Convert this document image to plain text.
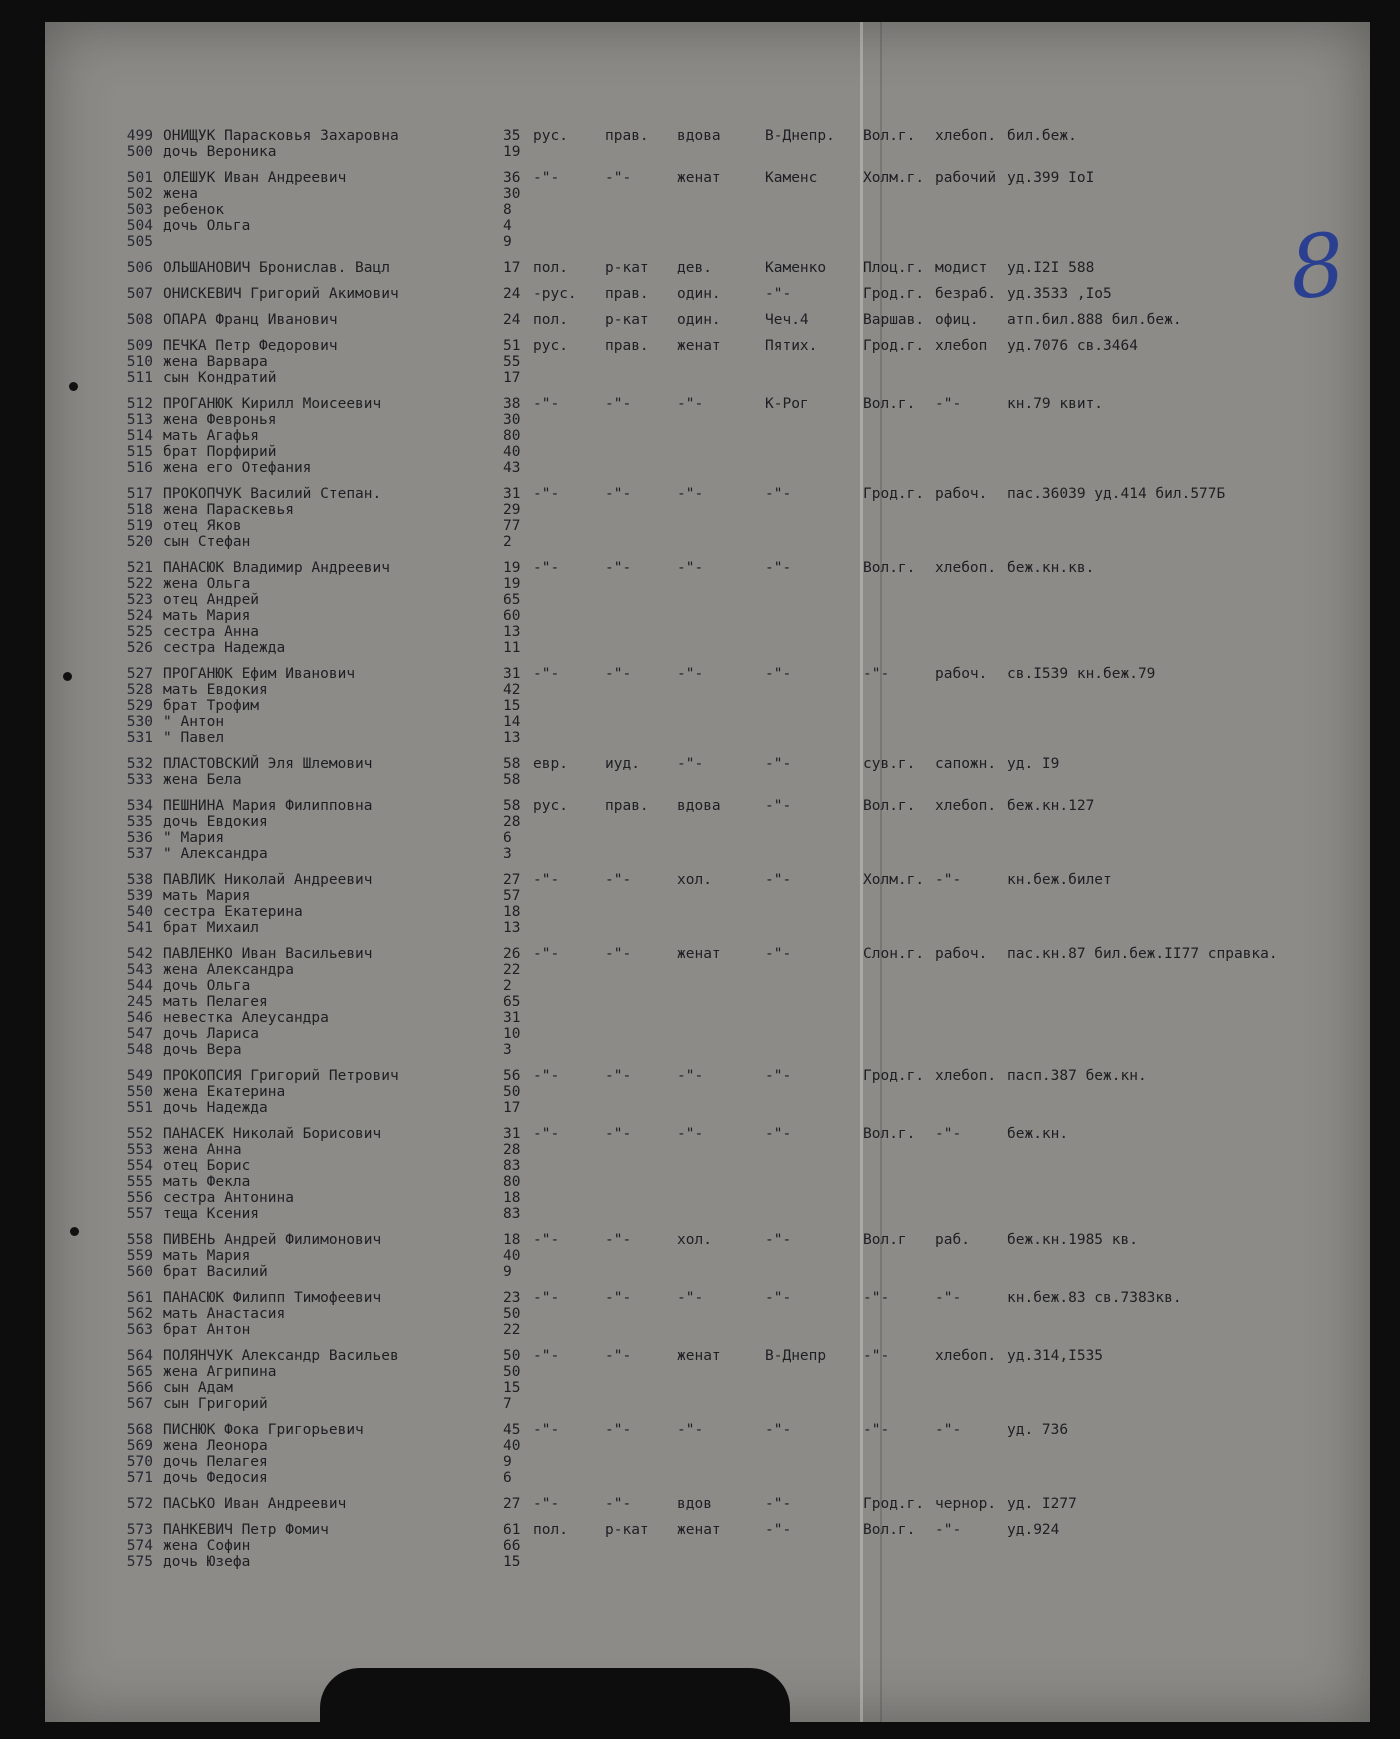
8
499	ОНИЩУК Парасковья Захаровна	35	рус.	прав.	вдова	В-Днепр.	Вол.г.	хлебоп.	бил.беж.
500	дочь Вероника	19							
501	ОЛЕШУК Иван Андреевич	36	-"-	-"-	женат	Каменс	Холм.г.	рабочий	уд.399 IоI
502	жена	30							
503	ребенок	8							
504	дочь Ольга	4							
505		9							
506	ОЛЬШАНОВИЧ Бронислав. Вацл	17	пол.	р-кат	дев.	Каменко	Плоц.г.	модист	уд.I2I 588
507	ОНИСКЕВИЧ Григорий Акимович	24	-рус.	прав.	один.	-"-	Грод.г.	безраб.	уд.3533 ,Iо5
508	ОПАРА Франц Иванович	24	пол.	р-кат	один.	Чеч.4	Варшав.	офиц.	атп.бил.888 бил.беж.
509	ПЕЧКА Петр Федорович	51	рус.	прав.	женат	Пятих.	Грод.г.	хлебоп	уд.7076 св.3464
510	жена Варвара	55							
511	сын Кондратий	17							
512	ПРОГАНЮК Кирилл Моисеевич	38	-"-	-"-	-"-	К-Рог	Вол.г.	-"-	кн.79 квит.
513	жена Февронья	30							
514	мать Агафья	80							
515	брат Порфирий	40							
516	жена его Отефания	43							
517	ПРОКОПЧУК Василий Степан.	31	-"-	-"-	-"-	-"-	Грод.г.	рабоч.	пас.36039 уд.414 бил.577Б
518	жена Параскевья	29							
519	отец Яков	77							
520	сын Стефан	2							
521	ПАНАСЮК Владимир Андреевич	19	-"-	-"-	-"-	-"-	Вол.г.	хлебоп.	беж.кн.кв.
522	жена Ольга	19							
523	отец Андрей	65							
524	мать Мария	60							
525	сестра Анна	13							
526	сестра Надежда	11							
527	ПРОГАНЮК Ефим Иванович	31	-"-	-"-	-"-	-"-	-"-	рабоч.	св.I539 кн.беж.79
528	мать Евдокия	42							
529	брат Трофим	15							
530	" Антон	14							
531	" Павел	13							
532	ПЛАСТОВСКИЙ Эля Шлемович	58	евр.	иуд.	-"-	-"-	сув.г.	сапожн.	уд. I9
533	жена Бела	58							
534	ПЕШНИНА Мария Филипповна	58	рус.	прав.	вдова	-"-	Вол.г.	хлебоп.	беж.кн.127
535	дочь Евдокия	28							
536	" Мария	6							
537	" Александра	3							
538	ПАВЛИК Николай Андреевич	27	-"-	-"-	хол.	-"-	Холм.г.	-"-	кн.беж.билет
539	мать Мария	57							
540	сестра Екатерина	18							
541	брат Михаил	13							
542	ПАВЛЕНКО Иван Васильевич	26	-"-	-"-	женат	-"-	Слон.г.	рабоч.	пас.кн.87 бил.беж.II77 справка.
543	жена Александра	22							
544	дочь Ольга	2							
245	мать Пелагея	65							
546	невестка Алеусандра	31							
547	дочь Лариса	10							
548	дочь Вера	3							
549	ПРОКОПСИЯ Григорий Петрович	56	-"-	-"-	-"-	-"-	Грод.г.	хлебоп.	пасп.387 беж.кн.
550	жена Екатерина	50							
551	дочь Надежда	17							
552	ПАНАСЕК Николай Борисович	31	-"-	-"-	-"-	-"-	Вол.г.	-"-	беж.кн.
553	жена Анна	28							
554	отец Борис	83							
555	мать Фекла	80							
556	сестра Антонина	18							
557	теща Ксения	83							
558	ПИВЕНЬ Андрей Филимонович	18	-"-	-"-	хол.	-"-	Вол.г	раб.	беж.кн.1985 кв.
559	мать Мария	40							
560	брат Василий	9							
561	ПАНАСЮК Филипп Тимофеевич	23	-"-	-"-	-"-	-"-	-"-	-"-	кн.беж.83 св.7383кв.
562	мать Анастасия	50							
563	брат Антон	22							
564	ПОЛЯНЧУК Александр Васильев	50	-"-	-"-	женат	В-Днепр	-"-	хлебоп.	уд.314,I535
565	жена Агрипина	50							
566	сын Адам	15							
567	сын Григорий	7							
568	ПИСНЮК Фока Григорьевич	45	-"-	-"-	-"-	-"-	-"-	-"-	уд. 736
569	жена Леонора	40							
570	дочь Пелагея	9							
571	дочь Федосия	6							
572	ПАСЬКО Иван Андреевич	27	-"-	-"-	вдов	-"-	Грод.г.	чернор.	уд. I277
573	ПАНКЕВИЧ Петр Фомич	61	пол.	р-кат	женат	-"-	Вол.г.	-"-	уд.924
574	жена Софин	66							
575	дочь Юзефа	15							
